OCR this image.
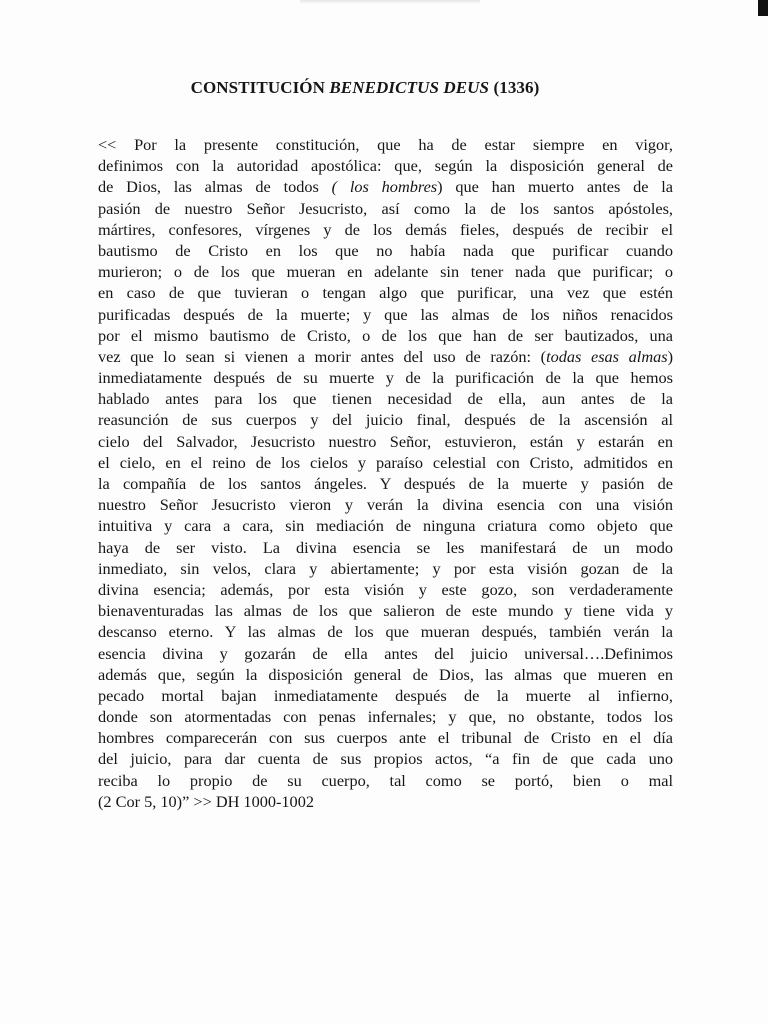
CONSTITUCIÓN BENEDICTUS DEUS (1336)
<< Por la presente constitución, que ha de estar siempre en vigor,
definimos con la autoridad apostólica: que, según la disposición general de
de Dios, las almas de todos ( los hombres) que han muerto antes de la
pasión de nuestro Señor Jesucristo, así como la de los santos apóstoles,
mártires, confesores, vírgenes y de los demás fieles, después de recibir el
bautismo de Cristo en los que no había nada que purificar cuando
murieron; o de los que mueran en adelante sin tener nada que purificar; o
en caso de que tuvieran o tengan algo que purificar, una vez que estén
purificadas después de la muerte; y que las almas de los niños renacidos
por el mismo bautismo de Cristo, o de los que han de ser bautizados, una
vez que lo sean si vienen a morir antes del uso de razón: (todas esas almas)
inmediatamente después de su muerte y de la purificación de la que hemos
hablado antes para los que tienen necesidad de ella, aun antes de la
reasunción de sus cuerpos y del juicio final, después de la ascensión al
cielo del Salvador, Jesucristo nuestro Señor, estuvieron, están y estarán en
el cielo, en el reino de los cielos y paraíso celestial con Cristo, admitidos en
la compañía de los santos ángeles. Y después de la muerte y pasión de
nuestro Señor Jesucristo vieron y verán la divina esencia con una visión
intuitiva y cara a cara, sin mediación de ninguna criatura como objeto que
haya de ser visto. La divina esencia se les manifestará de un modo
inmediato, sin velos, clara y abiertamente; y por esta visión gozan de la
divina esencia; además, por esta visión y este gozo, son verdaderamente
bienaventuradas las almas de los que salieron de este mundo y tiene vida y
descanso eterno. Y las almas de los que mueran después, también verán la
esencia divina y gozarán de ella antes del juicio universal….Definimos
además que, según la disposición general de Dios, las almas que mueren en
pecado mortal bajan inmediatamente después de la muerte al infierno,
donde son atormentadas con penas infernales; y que, no obstante, todos los
hombres comparecerán con sus cuerpos ante el tribunal de Cristo en el día
del juicio, para dar cuenta de sus propios actos, “a fin de que cada uno
reciba lo propio de su cuerpo, tal como se portó, bien o mal
(2 Cor 5, 10)” >> DH 1000-1002
